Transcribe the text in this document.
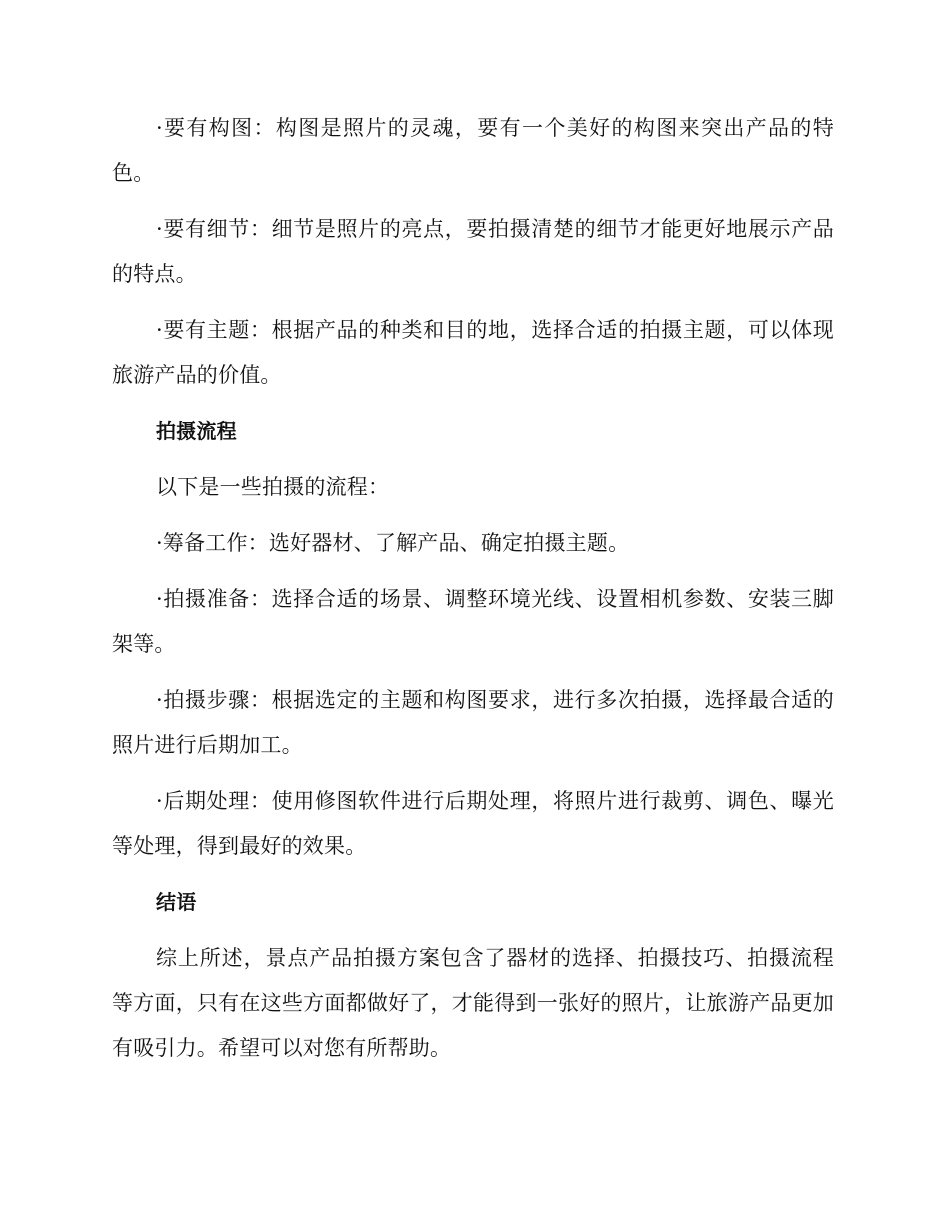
·要有构图：构图是照片的灵魂，要有一个美好的构图来突出产品的特色。

·要有细节：细节是照片的亮点，要拍摄清楚的细节才能更好地展示产品的特点。

·要有主题：根据产品的种类和目的地，选择合适的拍摄主题，可以体现旅游产品的价值。

拍摄流程

以下是一些拍摄的流程：

·筹备工作：选好器材、了解产品、确定拍摄主题。

·拍摄准备：选择合适的场景、调整环境光线、设置相机参数、安装三脚架等。

·拍摄步骤：根据选定的主题和构图要求，进行多次拍摄，选择最合适的照片进行后期加工。

·后期处理：使用修图软件进行后期处理，将照片进行裁剪、调色、曝光等处理，得到最好的效果。

结语

综上所述，景点产品拍摄方案包含了器材的选择、拍摄技巧、拍摄流程等方面，只有在这些方面都做好了，才能得到一张好的照片，让旅游产品更加有吸引力。希望可以对您有所帮助。
